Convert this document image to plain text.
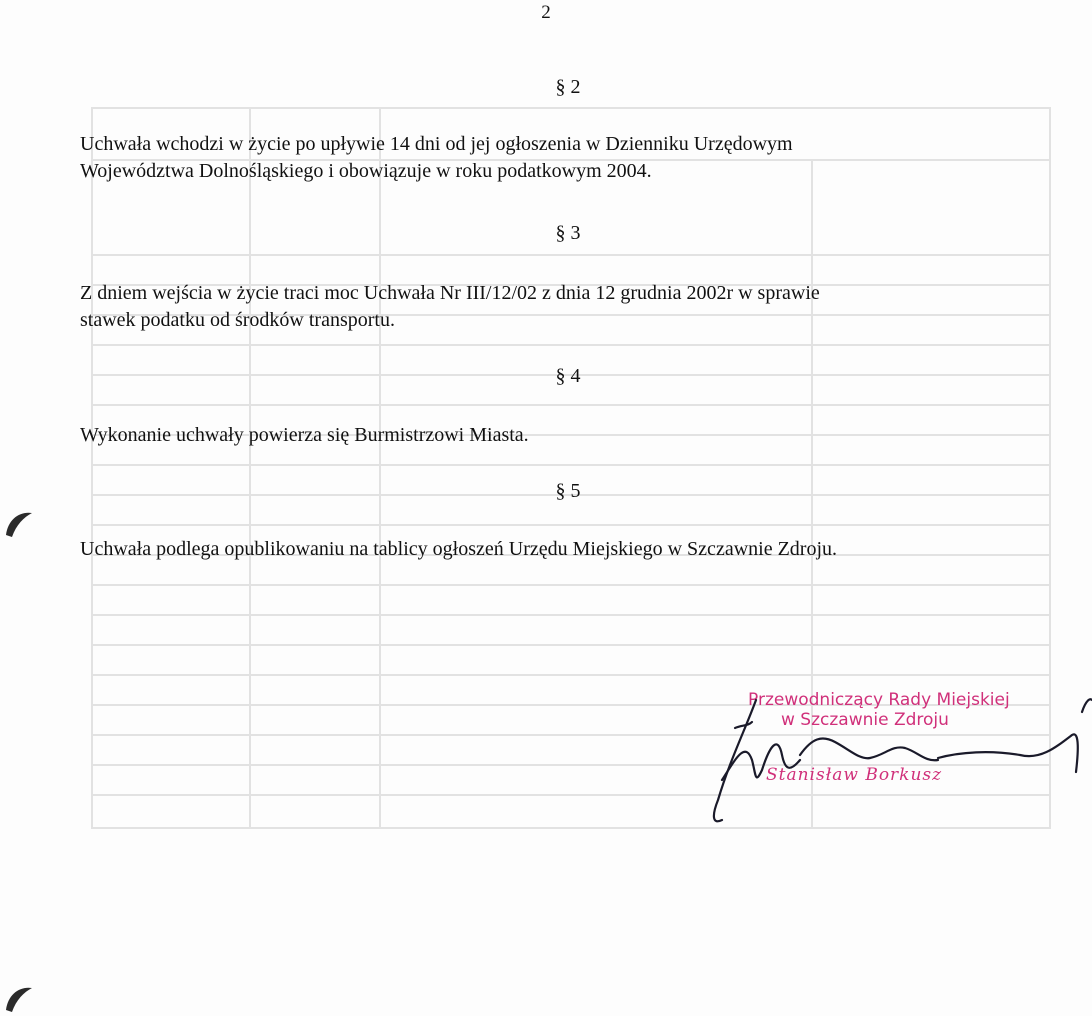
2
§ 2
Uchwała wchodzi w życie po upływie 14 dni od jej ogłoszenia w Dzienniku Urzędowym
Województwa Dolnośląskiego i obowiązuje w roku podatkowym 2004.
§ 3
Z dniem wejścia w życie traci moc Uchwała Nr III/12/02 z dnia 12 grudnia 2002r w sprawie
stawek podatku od środków transportu.
§ 4
Wykonanie uchwały powierza się Burmistrzowi Miasta.
§ 5
Uchwała podlega opublikowaniu na tablicy ogłoszeń Urzędu Miejskiego w Szczawnie Zdroju.
Przewodniczący Rady Miejskiej
w Szczawnie Zdroju
Stanisław Borkusz
